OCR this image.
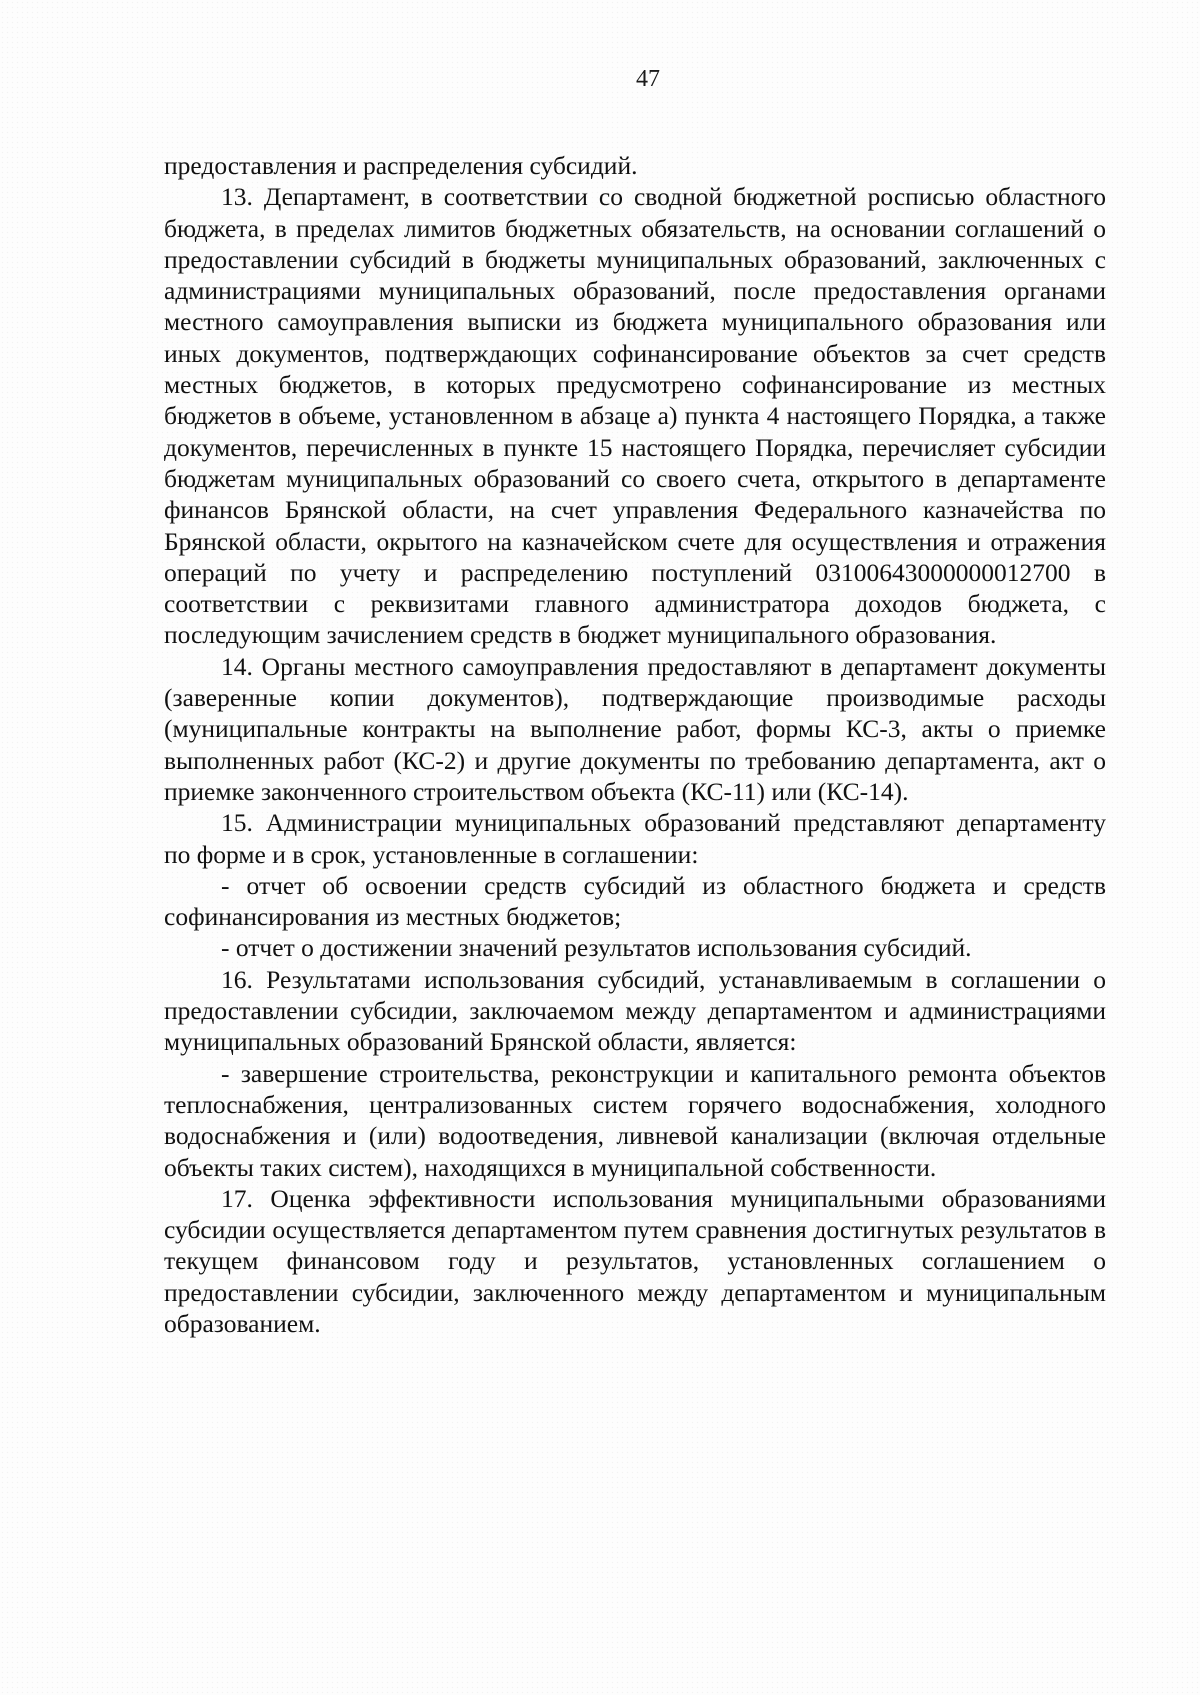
47

предоставления и распределения субсидий.

13. Департамент, в соответствии со сводной бюджетной росписью областного бюджета, в пределах лимитов бюджетных обязательств, на основании соглашений о предоставлении субсидий в бюджеты муниципальных образований, заключенных с администрациями муниципальных образований, после предоставления органами местного самоуправления выписки из бюджета муниципального образования или иных документов, подтверждающих софинансирование объектов за счет средств местных бюджетов, в которых предусмотрено софинансирование из местных бюджетов в объеме, установленном в абзаце а) пункта 4 настоящего Порядка, а также документов, перечисленных в пункте 15 настоящего Порядка, перечисляет субсидии бюджетам муниципальных образований со своего счета, открытого в департаменте финансов Брянской области, на счет управления Федерального казначейства по Брянской области, окрытого на казначейском счете для осуществления и отражения операций по учету и распределению поступлений 03100643000000012700 в соответствии с реквизитами главного администратора доходов бюджета, с последующим зачислением средств в бюджет муниципального образования.

14. Органы местного самоуправления предоставляют в департамент документы (заверенные копии документов), подтверждающие производимые расходы (муниципальные контракты на выполнение работ, формы КС-3, акты о приемке выполненных работ (КС-2) и другие документы по требованию департамента, акт о приемке законченного строительством объекта (КС-11) или (КС-14).

15. Администрации муниципальных образований представляют департаменту по форме и в срок, установленные в соглашении:

- отчет об освоении средств субсидий из областного бюджета и средств софинансирования из местных бюджетов;

- отчет о достижении значений результатов использования субсидий.

16. Результатами использования субсидий, устанавливаемым в соглашении о предоставлении субсидии, заключаемом между департаментом и администрациями муниципальных образований Брянской области, является:

- завершение строительства, реконструкции и капитального ремонта объектов теплоснабжения, централизованных систем горячего водоснабжения, холодного водоснабжения и (или) водоотведения, ливневой канализации (включая отдельные объекты таких систем), находящихся в муниципальной собственности.

17. Оценка эффективности использования муниципальными образованиями субсидии осуществляется департаментом путем сравнения достигнутых результатов в текущем финансовом году и результатов, установленных соглашением о предоставлении субсидии, заключенного между департаментом и муниципальным образованием.
